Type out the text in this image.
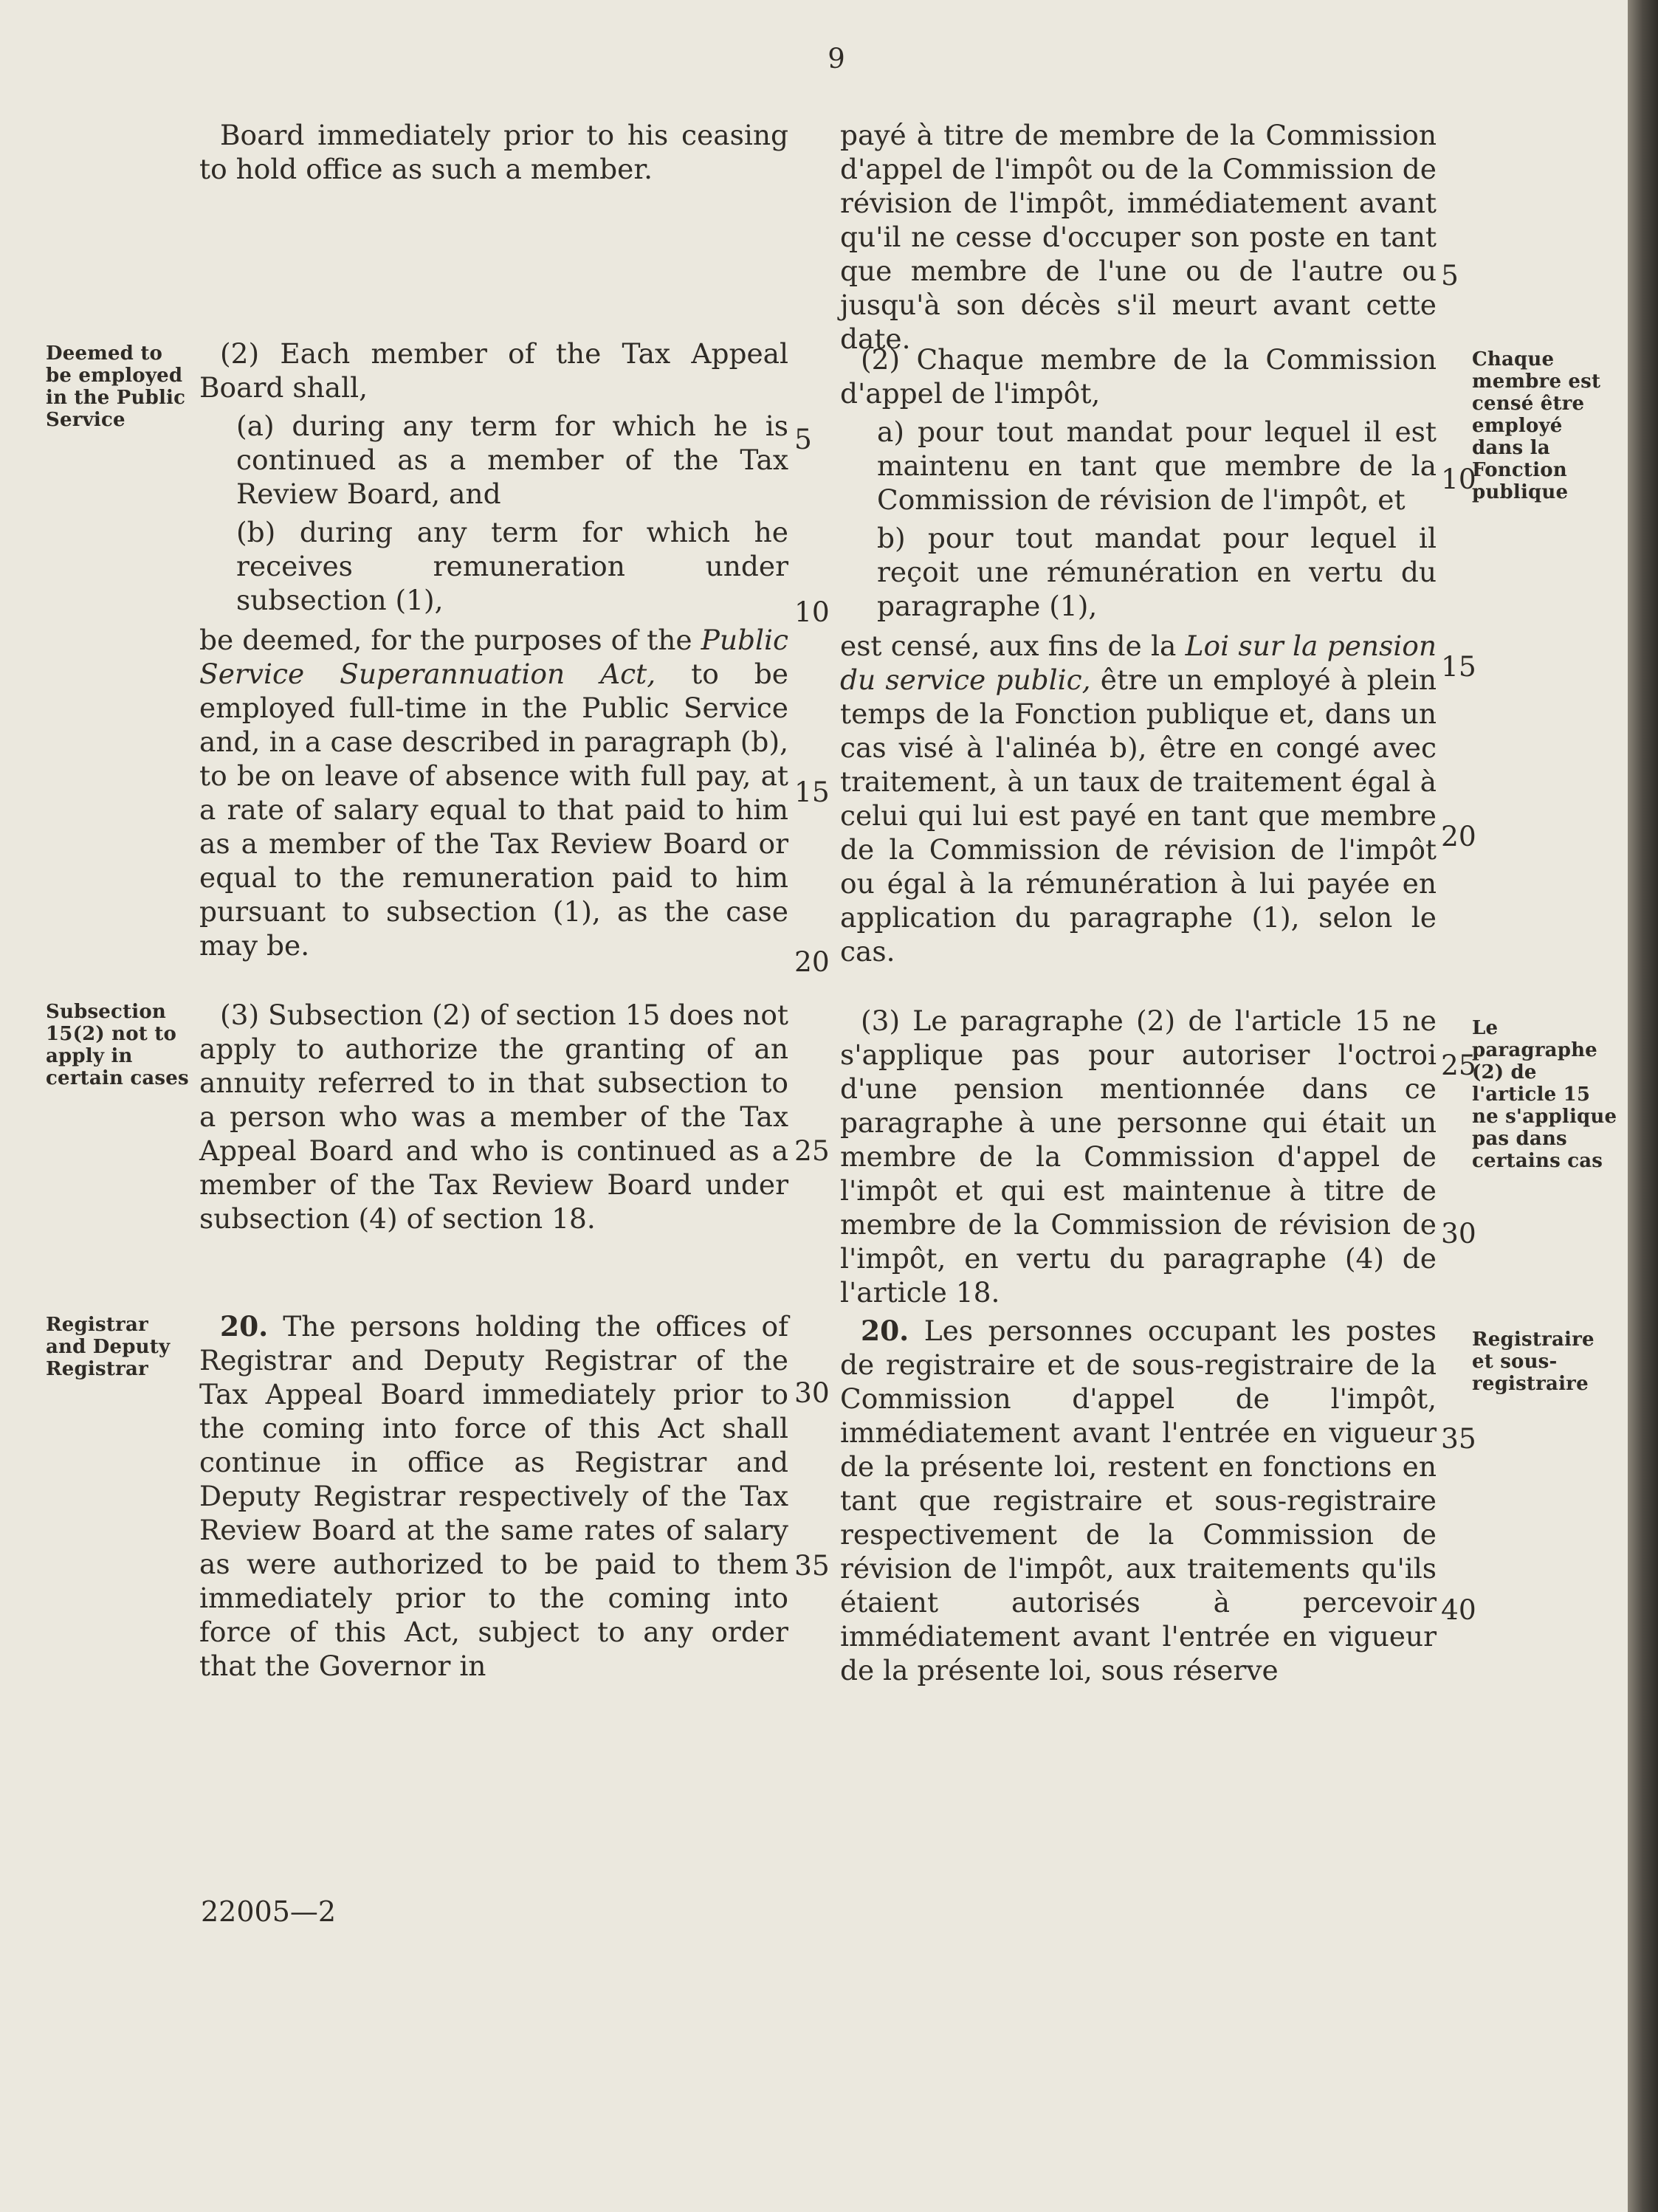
9

Board immediately prior to his ceasing to hold office as such a member.

(2) Each member of the Tax Appeal Board shall,

(a) during any term for which he is continued as a member of the Tax Review Board, and

(b) during any term for which he receives remuneration under subsection (1),

be deemed, for the purposes of the Public Service Superannuation Act, to be employed full-time in the Public Service and, in a case described in paragraph (b), to be on leave of absence with full pay, at a rate of salary equal to that paid to him as a member of the Tax Review Board or equal to the remuneration paid to him pursuant to subsection (1), as the case may be.

(3) Subsection (2) of section 15 does not apply to authorize the granting of an annuity referred to in that subsection to a person who was a member of the Tax Appeal Board and who is continued as a member of the Tax Review Board under subsection (4) of section 18.

20. The persons holding the offices of Registrar and Deputy Registrar of the Tax Appeal Board immediately prior to the coming into force of this Act shall continue in office as Registrar and Deputy Registrar respectively of the Tax Review Board at the same rates of salary as were authorized to be paid to them immediately prior to the coming into force of this Act, subject to any order that the Governor in

payé à titre de membre de la Commission d'appel de l'impôt ou de la Commission de révision de l'impôt, immédiatement avant qu'il ne cesse d'occuper son poste en tant que membre de l'une ou de l'autre ou jusqu'à son décès s'il meurt avant cette date.

(2) Chaque membre de la Commission d'appel de l'impôt,

a) pour tout mandat pour lequel il est maintenu en tant que membre de la Commission de révision de l'impôt, et

b) pour tout mandat pour lequel il reçoit une rémunération en vertu du paragraphe (1),

est censé, aux fins de la Loi sur la pension du service public, être un employé à plein temps de la Fonction publique et, dans un cas visé à l'alinéa b), être en congé avec traitement, à un taux de traitement égal à celui qui lui est payé en tant que membre de la Commission de révision de l'impôt ou égal à la rémunération à lui payée en application du paragraphe (1), selon le cas.

(3) Le paragraphe (2) de l'article 15 ne s'applique pas pour autoriser l'octroi d'une pension mentionnée dans ce paragraphe à une personne qui était un membre de la Commission d'appel de l'impôt et qui est maintenue à titre de membre de la Commission de révision de l'impôt, en vertu du paragraphe (4) de l'article 18.

20. Les personnes occupant les postes de registraire et de sous-registraire de la Commission d'appel de l'impôt, immédiatement avant l'entrée en vigueur de la présente loi, restent en fonctions en tant que registraire et sous-registraire respectivement de la Commission de révision de l'impôt, aux traitements qu'ils étaient autorisés à percevoir immédiatement avant l'entrée en vigueur de la présente loi, sous réserve

Deemed to be employed in the Public Service
Subsection 15(2) not to apply in certain cases
Registrar and Deputy Registrar
Chaque membre est censé être employé dans la Fonction publique
Le paragraphe (2) de l'article 15 ne s'applique pas dans certains cas
Registraire et sous-registraire
5
10
15
20
25
30
35
5
10
15
20
25
30
35
40
22005—2
